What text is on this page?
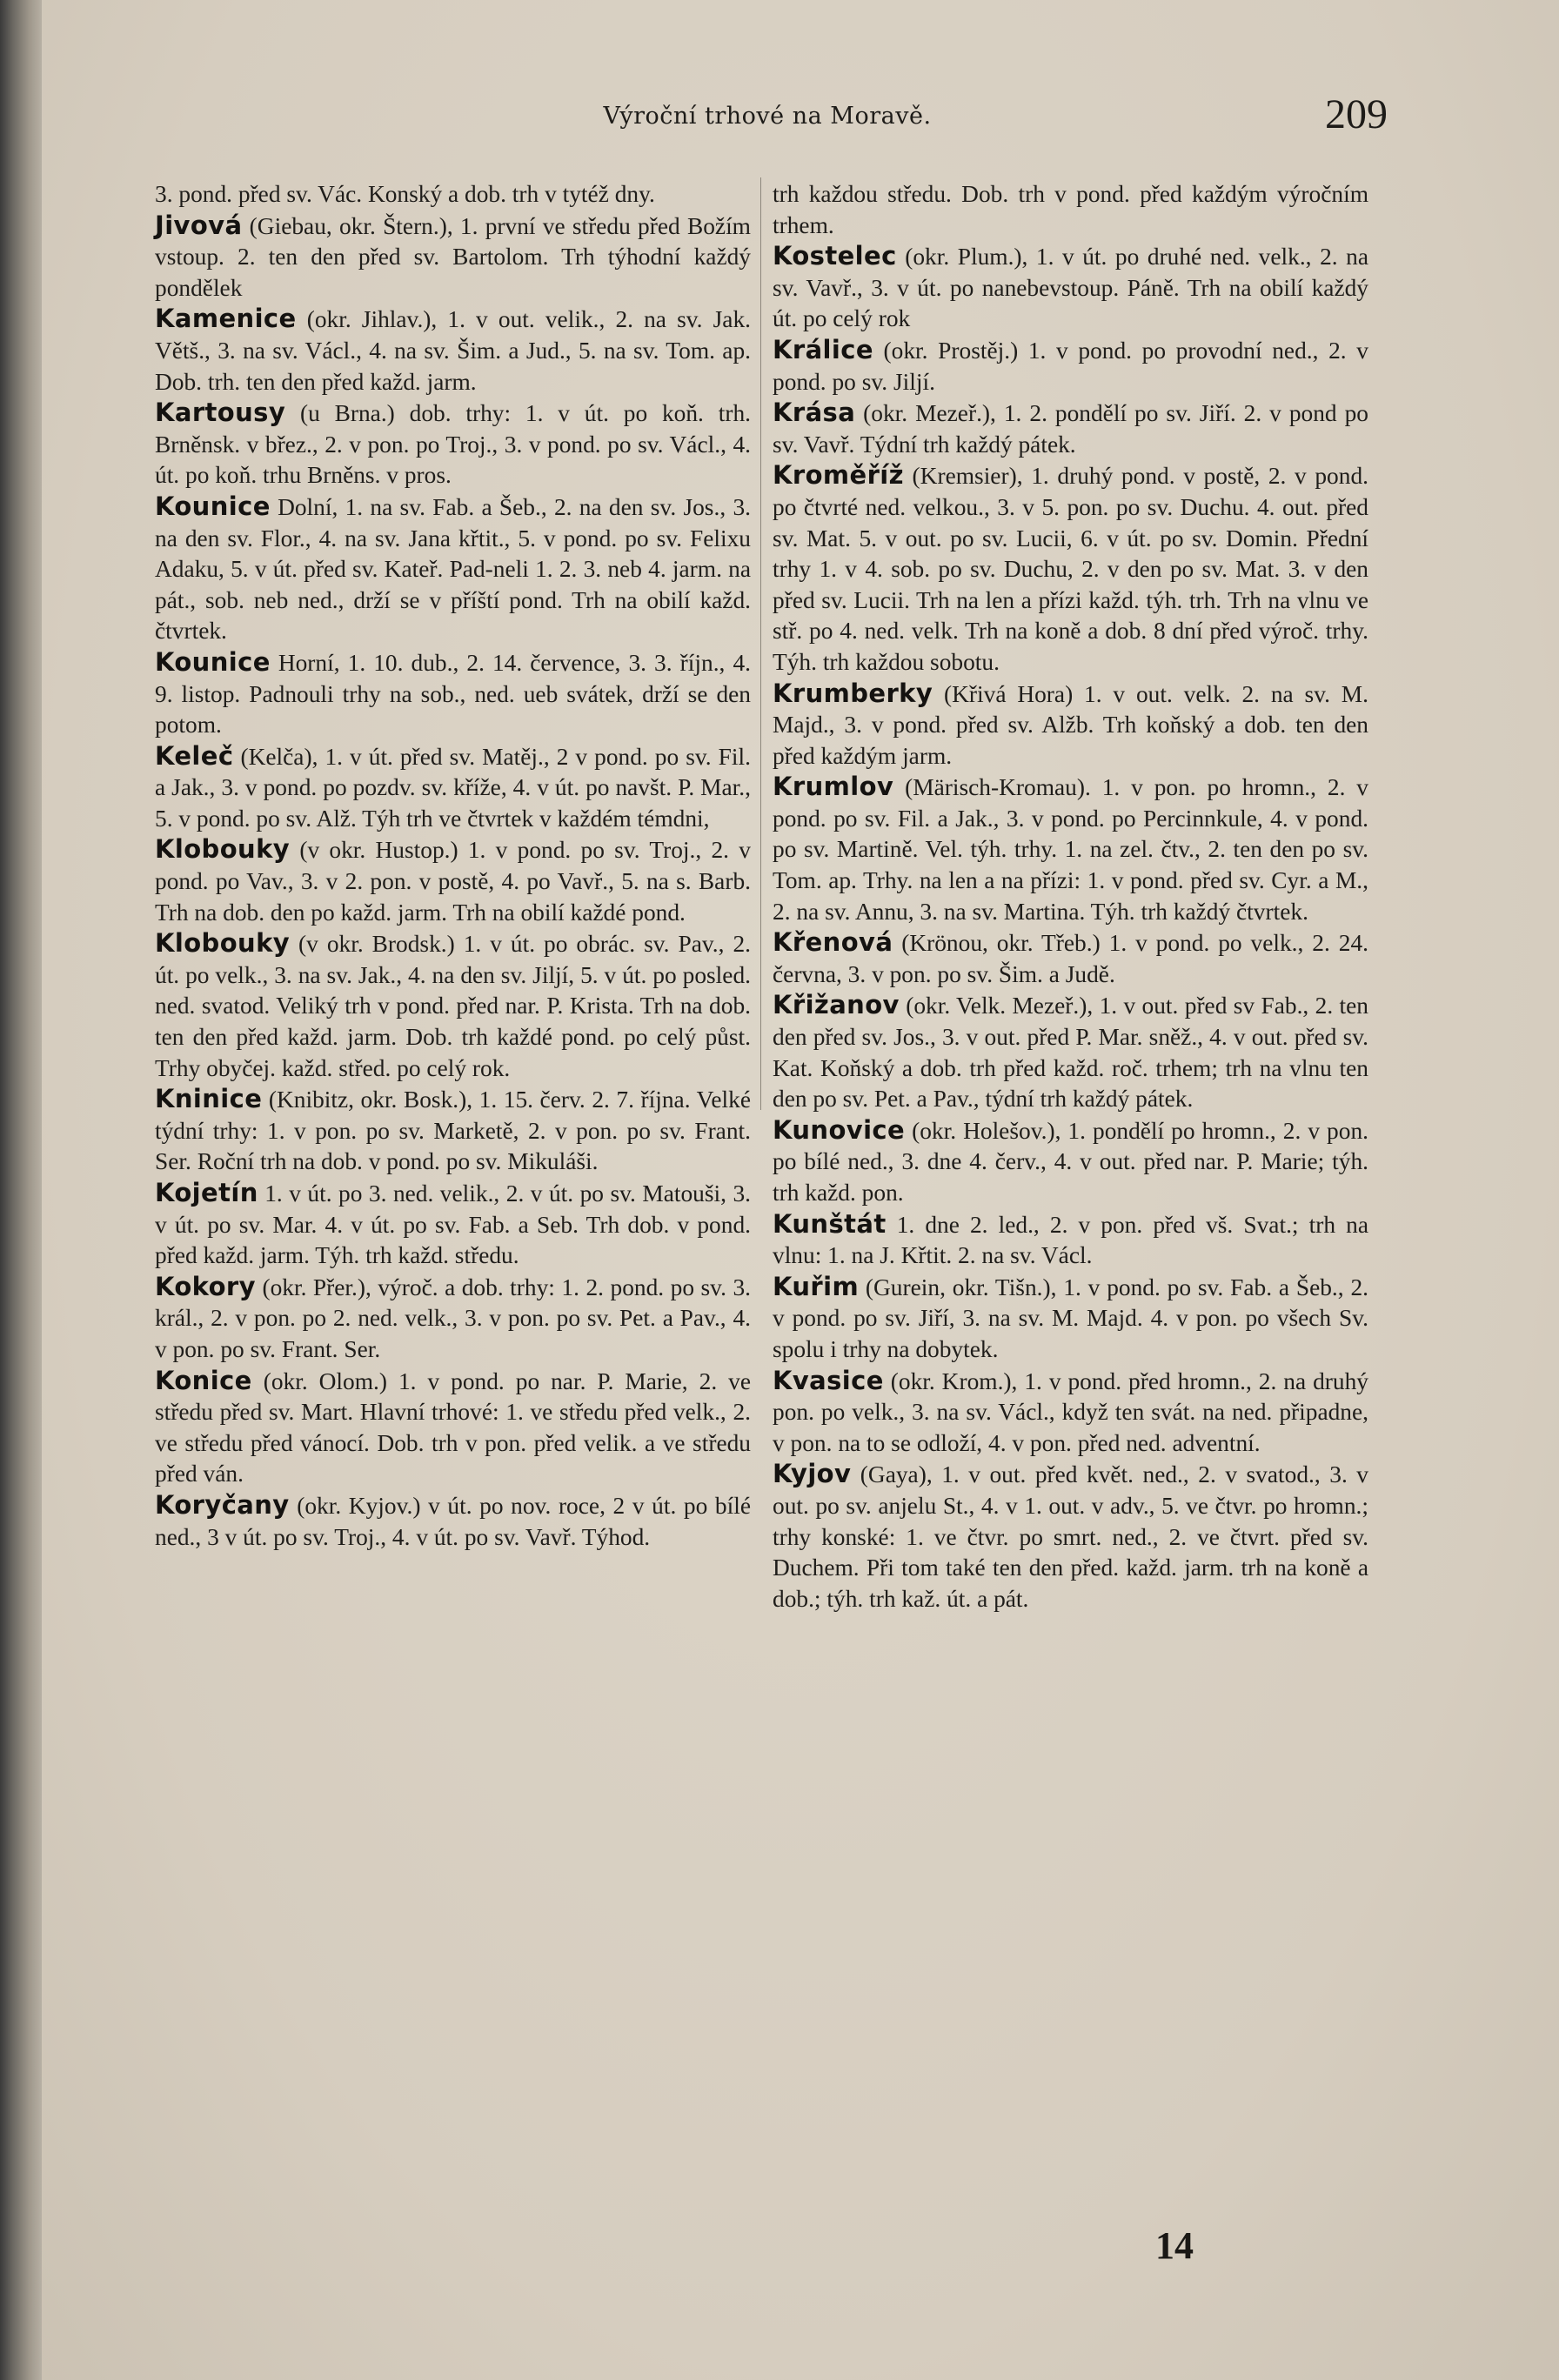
Výroční trhové na Moravě.	209

3. pond. před sv. Vác. Konský a dob. trh v tytéž dny.

Jivová (Giebau, okr. Štern.), 1. první ve středu před Božím vstoup. 2. ten den před sv. Bartolom. Trh týhodní každý pondělek

Kamenice (okr. Jihlav.), 1. v out. velik., 2. na sv. Jak. Větš., 3. na sv. Václ., 4. na sv. Šim. a Jud., 5. na sv. Tom. ap. Dob. trh. ten den před každ. jarm.

Kartousy (u Brna.) dob. trhy: 1. v út. po koň. trh. Brněnsk. v břez., 2. v pon. po Troj., 3. v pond. po sv. Václ., 4. út. po koň. trhu Brněns. v pros.

Kounice Dolní, 1. na sv. Fab. a Šeb., 2. na den sv. Jos., 3. na den sv. Flor., 4. na sv. Jana křtit., 5. v pond. po sv. Felixu Adaku, 5. v út. před sv. Kateř. Pad-neli 1. 2. 3. neb 4. jarm. na pát., sob. neb ned., drží se v příští pond. Trh na obilí každ. čtvrtek.

Kounice Horní, 1. 10. dub., 2. 14. července, 3. 3. říjn., 4. 9. listop. Padnouli trhy na sob., ned. ueb svátek, drží se den potom.

Keleč (Kelča), 1. v út. před sv. Matěj., 2 v pond. po sv. Fil. a Jak., 3. v pond. po pozdv. sv. kříže, 4. v út. po navšt. P. Mar., 5. v pond. po sv. Alž. Týh trh ve čtvrtek v každém témdni,

Klobouky (v okr. Hustop.) 1. v pond. po sv. Troj., 2. v pond. po Vav., 3. v 2. pon. v postě, 4. po Vavř., 5. na s. Barb. Trh na dob. den po každ. jarm. Trh na obilí každé pond.

Klobouky (v okr. Brodsk.) 1. v út. po obrác. sv. Pav., 2. út. po velk., 3. na sv. Jak., 4. na den sv. Jiljí, 5. v út. po posled. ned. svatod. Veliký trh v pond. před nar. P. Krista. Trh na dob. ten den před každ. jarm. Dob. trh každé pond. po celý půst. Trhy obyčej. každ. střed. po celý rok.

Kninice (Knibitz, okr. Bosk.), 1. 15. červ. 2. 7. října. Velké týdní trhy: 1. v pon. po sv. Marketě, 2. v pon. po sv. Frant. Ser. Roční trh na dob. v pond. po sv. Mikuláši.

Kojetín 1. v út. po 3. ned. velik., 2. v út. po sv. Matouši, 3. v út. po sv. Mar. 4. v út. po sv. Fab. a Seb. Trh dob. v pond. před každ. jarm. Týh. trh každ. středu.

Kokory (okr. Přer.), výroč. a dob. trhy: 1. 2. pond. po sv. 3. král., 2. v pon. po 2. ned. velk., 3. v pon. po sv. Pet. a Pav., 4. v pon. po sv. Frant. Ser.

Konice (okr. Olom.) 1. v pond. po nar. P. Marie, 2. ve středu před sv. Mart. Hlavní trhové: 1. ve středu před velk., 2. ve středu před vánocí. Dob. trh v pon. před velik. a ve středu před ván.

Koryčany (okr. Kyjov.) v út. po nov. roce, 2 v út. po bílé ned., 3 v út. po sv. Troj., 4. v út. po sv. Vavř. Týhod.

trh každou středu. Dob. trh v pond. před každým výročním trhem.

Kostelec (okr. Plum.), 1. v út. po druhé ned. velk., 2. na sv. Vavř., 3. v út. po nanebevstoup. Páně. Trh na obilí každý út. po celý rok

Králice (okr. Prostěj.) 1. v pond. po provodní ned., 2. v pond. po sv. Jiljí.

Krása (okr. Mezeř.), 1. 2. pondělí po sv. Jiří. 2. v pond po sv. Vavř. Týdní trh každý pátek.

Kroměříž (Kremsier), 1. druhý pond. v postě, 2. v pond. po čtvrté ned. velkou., 3. v 5. pon. po sv. Duchu. 4. out. před sv. Mat. 5. v out. po sv. Lucii, 6. v út. po sv. Domin. Přední trhy 1. v 4. sob. po sv. Duchu, 2. v den po sv. Mat. 3. v den před sv. Lucii. Trh na len a přízi každ. týh. trh. Trh na vlnu ve stř. po 4. ned. velk. Trh na koně a dob. 8 dní před výroč. trhy. Týh. trh každou sobotu.

Krumberky (Křivá Hora) 1. v out. velk. 2. na sv. M. Majd., 3. v pond. před sv. Alžb. Trh koňský a dob. ten den před každým jarm.

Krumlov (Märisch-Kromau). 1. v pon. po hromn., 2. v pond. po sv. Fil. a Jak., 3. v pond. po Percinnkule, 4. v pond. po sv. Martině. Vel. týh. trhy. 1. na zel. čtv., 2. ten den po sv. Tom. ap. Trhy. na len a na přízi: 1. v pond. před sv. Cyr. a M., 2. na sv. Annu, 3. na sv. Martina. Týh. trh každý čtvrtek.

Křenová (Krönou, okr. Třeb.) 1. v pond. po velk., 2. 24. června, 3. v pon. po sv. Šim. a Judě.

Křižanov (okr. Velk. Mezeř.), 1. v out. před sv Fab., 2. ten den před sv. Jos., 3. v out. před P. Mar. sněž., 4. v out. před sv. Kat. Koňský a dob. trh před každ. roč. trhem; trh na vlnu ten den po sv. Pet. a Pav., týdní trh každý pátek.

Kunovice (okr. Holešov.), 1. pondělí po hromn., 2. v pon. po bílé ned., 3. dne 4. červ., 4. v out. před nar. P. Marie; týh. trh každ. pon.

Kunštát 1. dne 2. led., 2. v pon. před vš. Svat.; trh na vlnu: 1. na J. Křtit. 2. na sv. Václ.

Kuřim (Gurein, okr. Tišn.), 1. v pond. po sv. Fab. a Šeb., 2. v pond. po sv. Jiří, 3. na sv. M. Majd. 4. v pon. po všech Sv. spolu i trhy na dobytek.

Kvasice (okr. Krom.), 1. v pond. před hromn., 2. na druhý pon. po velk., 3. na sv. Václ., když ten svát. na ned. připadne, v pon. na to se odloží, 4. v pon. před ned. adventní.

Kyjov (Gaya), 1. v out. před květ. ned., 2. v svatod., 3. v out. po sv. anjelu St., 4. v 1. out. v adv., 5. ve čtvr. po hromn.; trhy konské: 1. ve čtvr. po smrt. ned., 2. ve čtvrt. před sv. Duchem. Při tom také ten den před. každ. jarm. trh na koně a dob.; týh. trh kaž. út. a pát.

14
